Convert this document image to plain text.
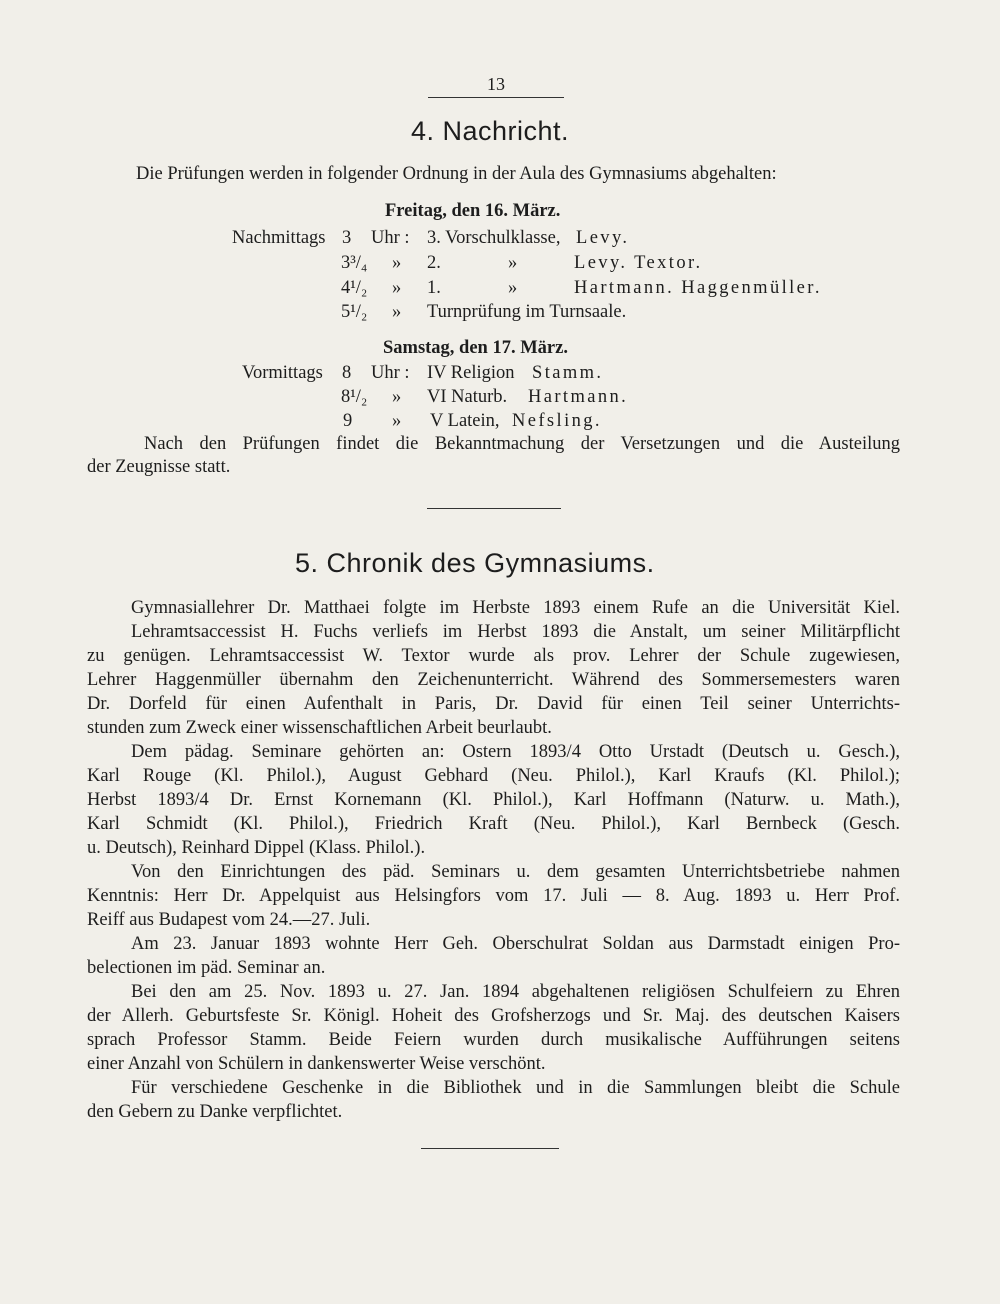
13
4. Nachricht.
Die Prüfungen werden in folgender Ordnung in der Aula des Gymnasiums abgehalten:
Freitag, den 16. März.
Nachmittags 3 Uhr : 3. Vorschulklasse, Levy.
3³/₄ » 2.	»	Levy. Textor.
4¹/₂ » 1.	»	Hartmann. Haggenmüller.
5¹/₂ » Turnprüfung im Turnsaale.
Samstag, den 17. März.
Vormittags 8 Uhr : IV Religion Stamm.
8¹/₂ » VI Naturb. Hartmann.
9 » V Latein, Nefsling.
Nach den Prüfungen findet die Bekanntmachung der Versetzungen und die Austeilung
der Zeugnisse statt.
5. Chronik des Gymnasiums.
Gymnasiallehrer Dr. Matthaei folgte im Herbste 1893 einem Rufe an die Universität Kiel.
Lehramtsaccessist H. Fuchs verliefs im Herbst 1893 die Anstalt, um seiner Militärpflicht
zu genügen. Lehramtsaccessist W. Textor wurde als prov. Lehrer der Schule zugewiesen,
Lehrer Haggenmüller übernahm den Zeichenunterricht. Während des Sommersemesters waren
Dr. Dorfeld für einen Aufenthalt in Paris, Dr. David für einen Teil seiner Unterrichts-
stunden zum Zweck einer wissenschaftlichen Arbeit beurlaubt.
Dem pädag. Seminare gehörten an: Ostern 1893/4 Otto Urstadt (Deutsch u. Gesch.),
Karl Rouge (Kl. Philol.), August Gebhard (Neu. Philol.), Karl Kraufs (Kl. Philol.);
Herbst 1893/4 Dr. Ernst Kornemann (Kl. Philol.), Karl Hoffmann (Naturw. u. Math.),
Karl Schmidt (Kl. Philol.), Friedrich Kraft (Neu. Philol.), Karl Bernbeck (Gesch.
u. Deutsch), Reinhard Dippel (Klass. Philol.).
Von den Einrichtungen des päd. Seminars u. dem gesamten Unterrichtsbetriebe nahmen
Kenntnis: Herr Dr. Appelquist aus Helsingfors vom 17. Juli — 8. Aug. 1893 u. Herr Prof.
Reiff aus Budapest vom 24.—27. Juli.
Am 23. Januar 1893 wohnte Herr Geh. Oberschulrat Soldan aus Darmstadt einigen Pro-
belectionen im päd. Seminar an.
Bei den am 25. Nov. 1893 u. 27. Jan. 1894 abgehaltenen religiösen Schulfeiern zu Ehren
der Allerh. Geburtsfeste Sr. Königl. Hoheit des Grofsherzogs und Sr. Maj. des deutschen Kaisers
sprach Professor Stamm. Beide Feiern wurden durch musikalische Aufführungen seitens
einer Anzahl von Schülern in dankenswerter Weise verschönt.
Für verschiedene Geschenke in die Bibliothek und in die Sammlungen bleibt die Schule
den Gebern zu Danke verpflichtet.
